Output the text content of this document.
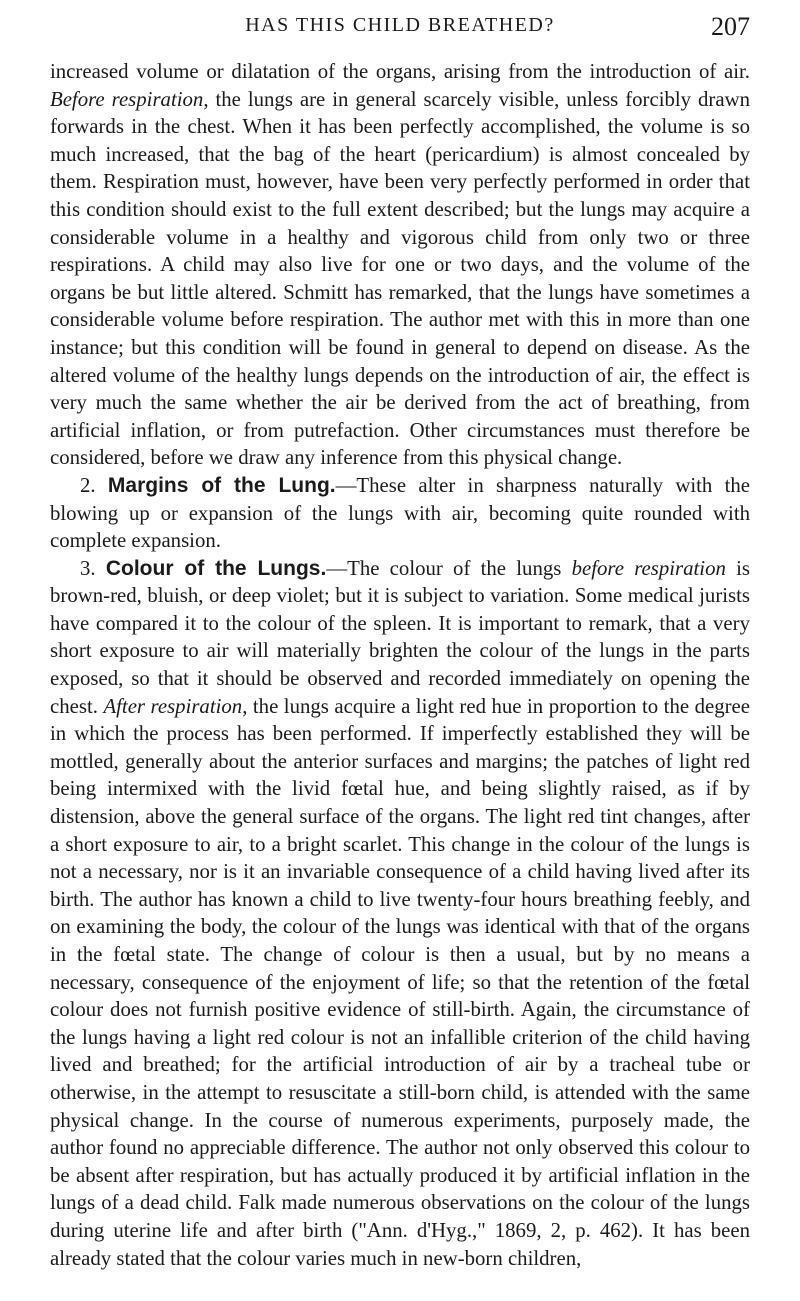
HAS THIS CHILD BREATHED?	207

increased volume or dilatation of the organs, arising from the introduction of air. Before respiration, the lungs are in general scarcely visible, unless forcibly drawn forwards in the chest. When it has been perfectly accomplished, the volume is so much increased, that the bag of the heart (pericardium) is almost concealed by them. Respiration must, however, have been very perfectly performed in order that this condition should exist to the full extent described; but the lungs may acquire a considerable volume in a healthy and vigorous child from only two or three respirations. A child may also live for one or two days, and the volume of the organs be but little altered. Schmitt has remarked, that the lungs have sometimes a considerable volume before respiration. The author met with this in more than one instance; but this condition will be found in general to depend on disease. As the altered volume of the healthy lungs depends on the introduction of air, the effect is very much the same whether the air be derived from the act of breathing, from artificial inflation, or from putrefaction. Other circumstances must therefore be considered, before we draw any inference from this physical change.

2. Margins of the Lung.—These alter in sharpness naturally with the blowing up or expansion of the lungs with air, becoming quite rounded with complete expansion.

3. Colour of the Lungs.—The colour of the lungs before respiration is brown-red, bluish, or deep violet; but it is subject to variation. Some medical jurists have compared it to the colour of the spleen. It is important to remark, that a very short exposure to air will materially brighten the colour of the lungs in the parts exposed, so that it should be observed and recorded immediately on opening the chest. After respiration, the lungs acquire a light red hue in proportion to the degree in which the process has been performed. If imperfectly established they will be mottled, generally about the anterior surfaces and margins; the patches of light red being intermixed with the livid fœtal hue, and being slightly raised, as if by distension, above the general surface of the organs. The light red tint changes, after a short exposure to air, to a bright scarlet. This change in the colour of the lungs is not a necessary, nor is it an invariable consequence of a child having lived after its birth. The author has known a child to live twenty-four hours breathing feebly, and on examining the body, the colour of the lungs was identical with that of the organs in the fœtal state. The change of colour is then a usual, but by no means a necessary, consequence of the enjoyment of life; so that the retention of the fœtal colour does not furnish positive evidence of still-birth. Again, the circumstance of the lungs having a light red colour is not an infallible criterion of the child having lived and breathed; for the artificial introduction of air by a tracheal tube or otherwise, in the attempt to resuscitate a still-born child, is attended with the same physical change. In the course of numerous experiments, purposely made, the author found no appreciable difference. The author not only observed this colour to be absent after respiration, but has actually produced it by artificial inflation in the lungs of a dead child. Falk made numerous observations on the colour of the lungs during uterine life and after birth ("Ann. d'Hyg.," 1869, 2, p. 462). It has been already stated that the colour varies much in new-born children,
